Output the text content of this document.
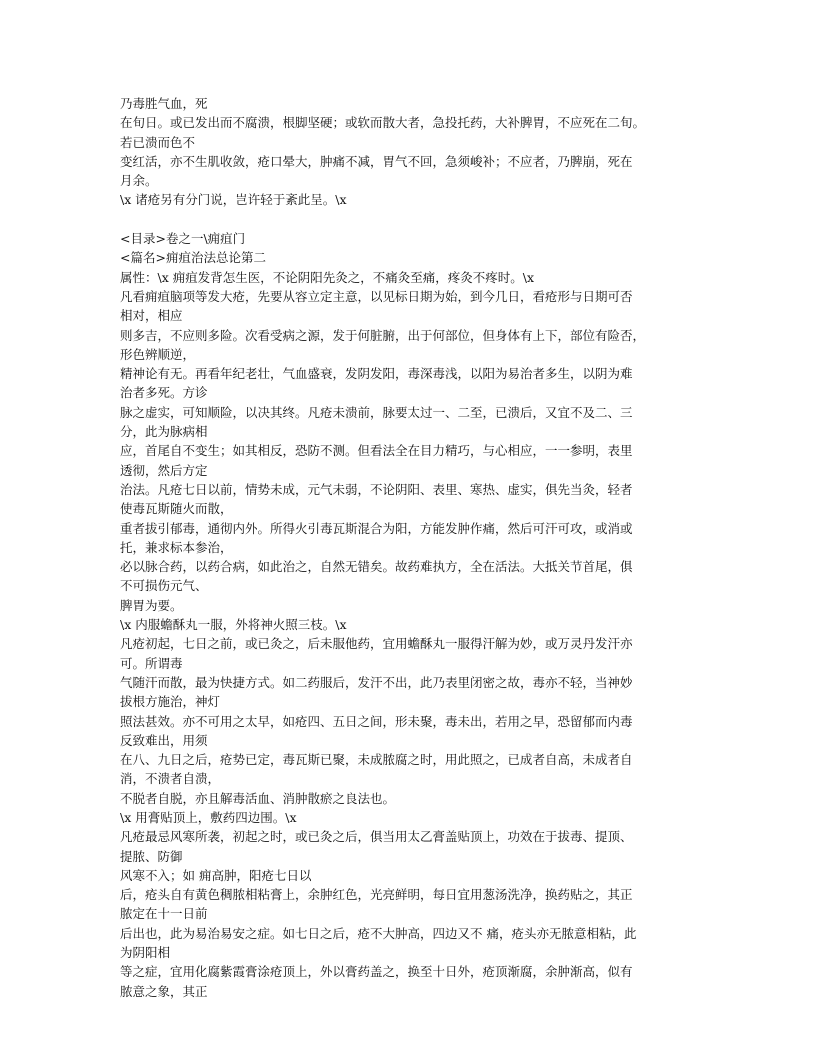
乃毒胜气血，死
在旬日。或已发出而不腐溃，根脚坚硬；或软而散大者，急投托药，大补脾胃，不应死在二旬。
若已溃而色不
变红活，亦不生肌收敛，疮口晕大，肿痛不减，胃气不回，急须峻补；不应者，乃脾崩，死在
月余。
\x 诸疮另有分门说，岂许轻于紊此呈。\x
<目录>卷之一\痈疽门
<篇名>痈疽治法总论第二
属性：\x 痈疽发背怎生医，不论阴阳先灸之，不痛灸至痛，疼灸不疼时。\x
凡看痈疽脑项等发大疮，先要从容立定主意，以见标日期为始，到今几日，看疮形与日期可否
相对，相应
则多吉，不应则多险。次看受病之源，发于何脏腑，出于何部位，但身体有上下，部位有险否，
形色辨顺逆，
精神论有无。再看年纪老壮，气血盛衰，发阴发阳，毒深毒浅，以阳为易治者多生，以阴为难
治者多死。方诊
脉之虚实，可知顺险，以决其终。凡疮未溃前，脉要太过一、二至，已溃后，又宜不及二、三
分，此为脉病相
应，首尾自不变生；如其相反，恐防不测。但看法全在目力精巧，与心相应，一一参明，表里
透彻，然后方定
治法。凡疮七日以前，情势未成，元气未弱，不论阴阳、表里、寒热、虚实，俱先当灸，轻者
使毒瓦斯随火而散，
重者拔引郁毒，通彻内外。所得火引毒瓦斯混合为阳，方能发肿作痛，然后可汗可攻，或消或
托，兼求标本参治，
必以脉合药，以药合病，如此治之，自然无错矣。故药难执方，全在活法。大抵关节首尾，俱
不可损伤元气、
脾胃为要。
\x 内服蟾酥丸一服，外将神火照三枝。\x
凡疮初起，七日之前，或已灸之，后未服他药，宜用蟾酥丸一服得汗解为妙，或万灵丹发汗亦
可。所谓毒
气随汗而散，最为快捷方式。如二药服后，发汗不出，此乃表里闭密之故，毒亦不轻，当神妙
拔根方施治，神灯
照法甚效。亦不可用之太早，如疮四、五日之间，形未聚，毒未出，若用之早，恐留郁而内毒
反致难出，用须
在八、九日之后，疮势已定，毒瓦斯已聚，未成脓腐之时，用此照之，已成者自高，未成者自
消，不溃者自溃，
不脱者自脱，亦且解毒活血、消肿散瘀之良法也。
\x 用膏贴顶上，敷药四边围。\x
凡疮最忌风寒所袭，初起之时，或已灸之后，俱当用太乙膏盖贴顶上，功效在于拔毒、提顶、
提脓、防御
风寒不入；如 痈高肿，阳疮七日以
后，疮头自有黄色稠脓相粘膏上，余肿红色，光亮鲜明，每日宜用葱汤洗净，换药贴之，其正
脓定在十一日前
后出也，此为易治易安之症。如七日之后，疮不大肿高，四边又不 痛，疮头亦无脓意相粘，此
为阴阳相
等之症，宜用化腐紫霞膏涂疮顶上，外以膏药盖之，换至十日外，疮顶渐腐，余肿渐高，似有
脓意之象，其正
